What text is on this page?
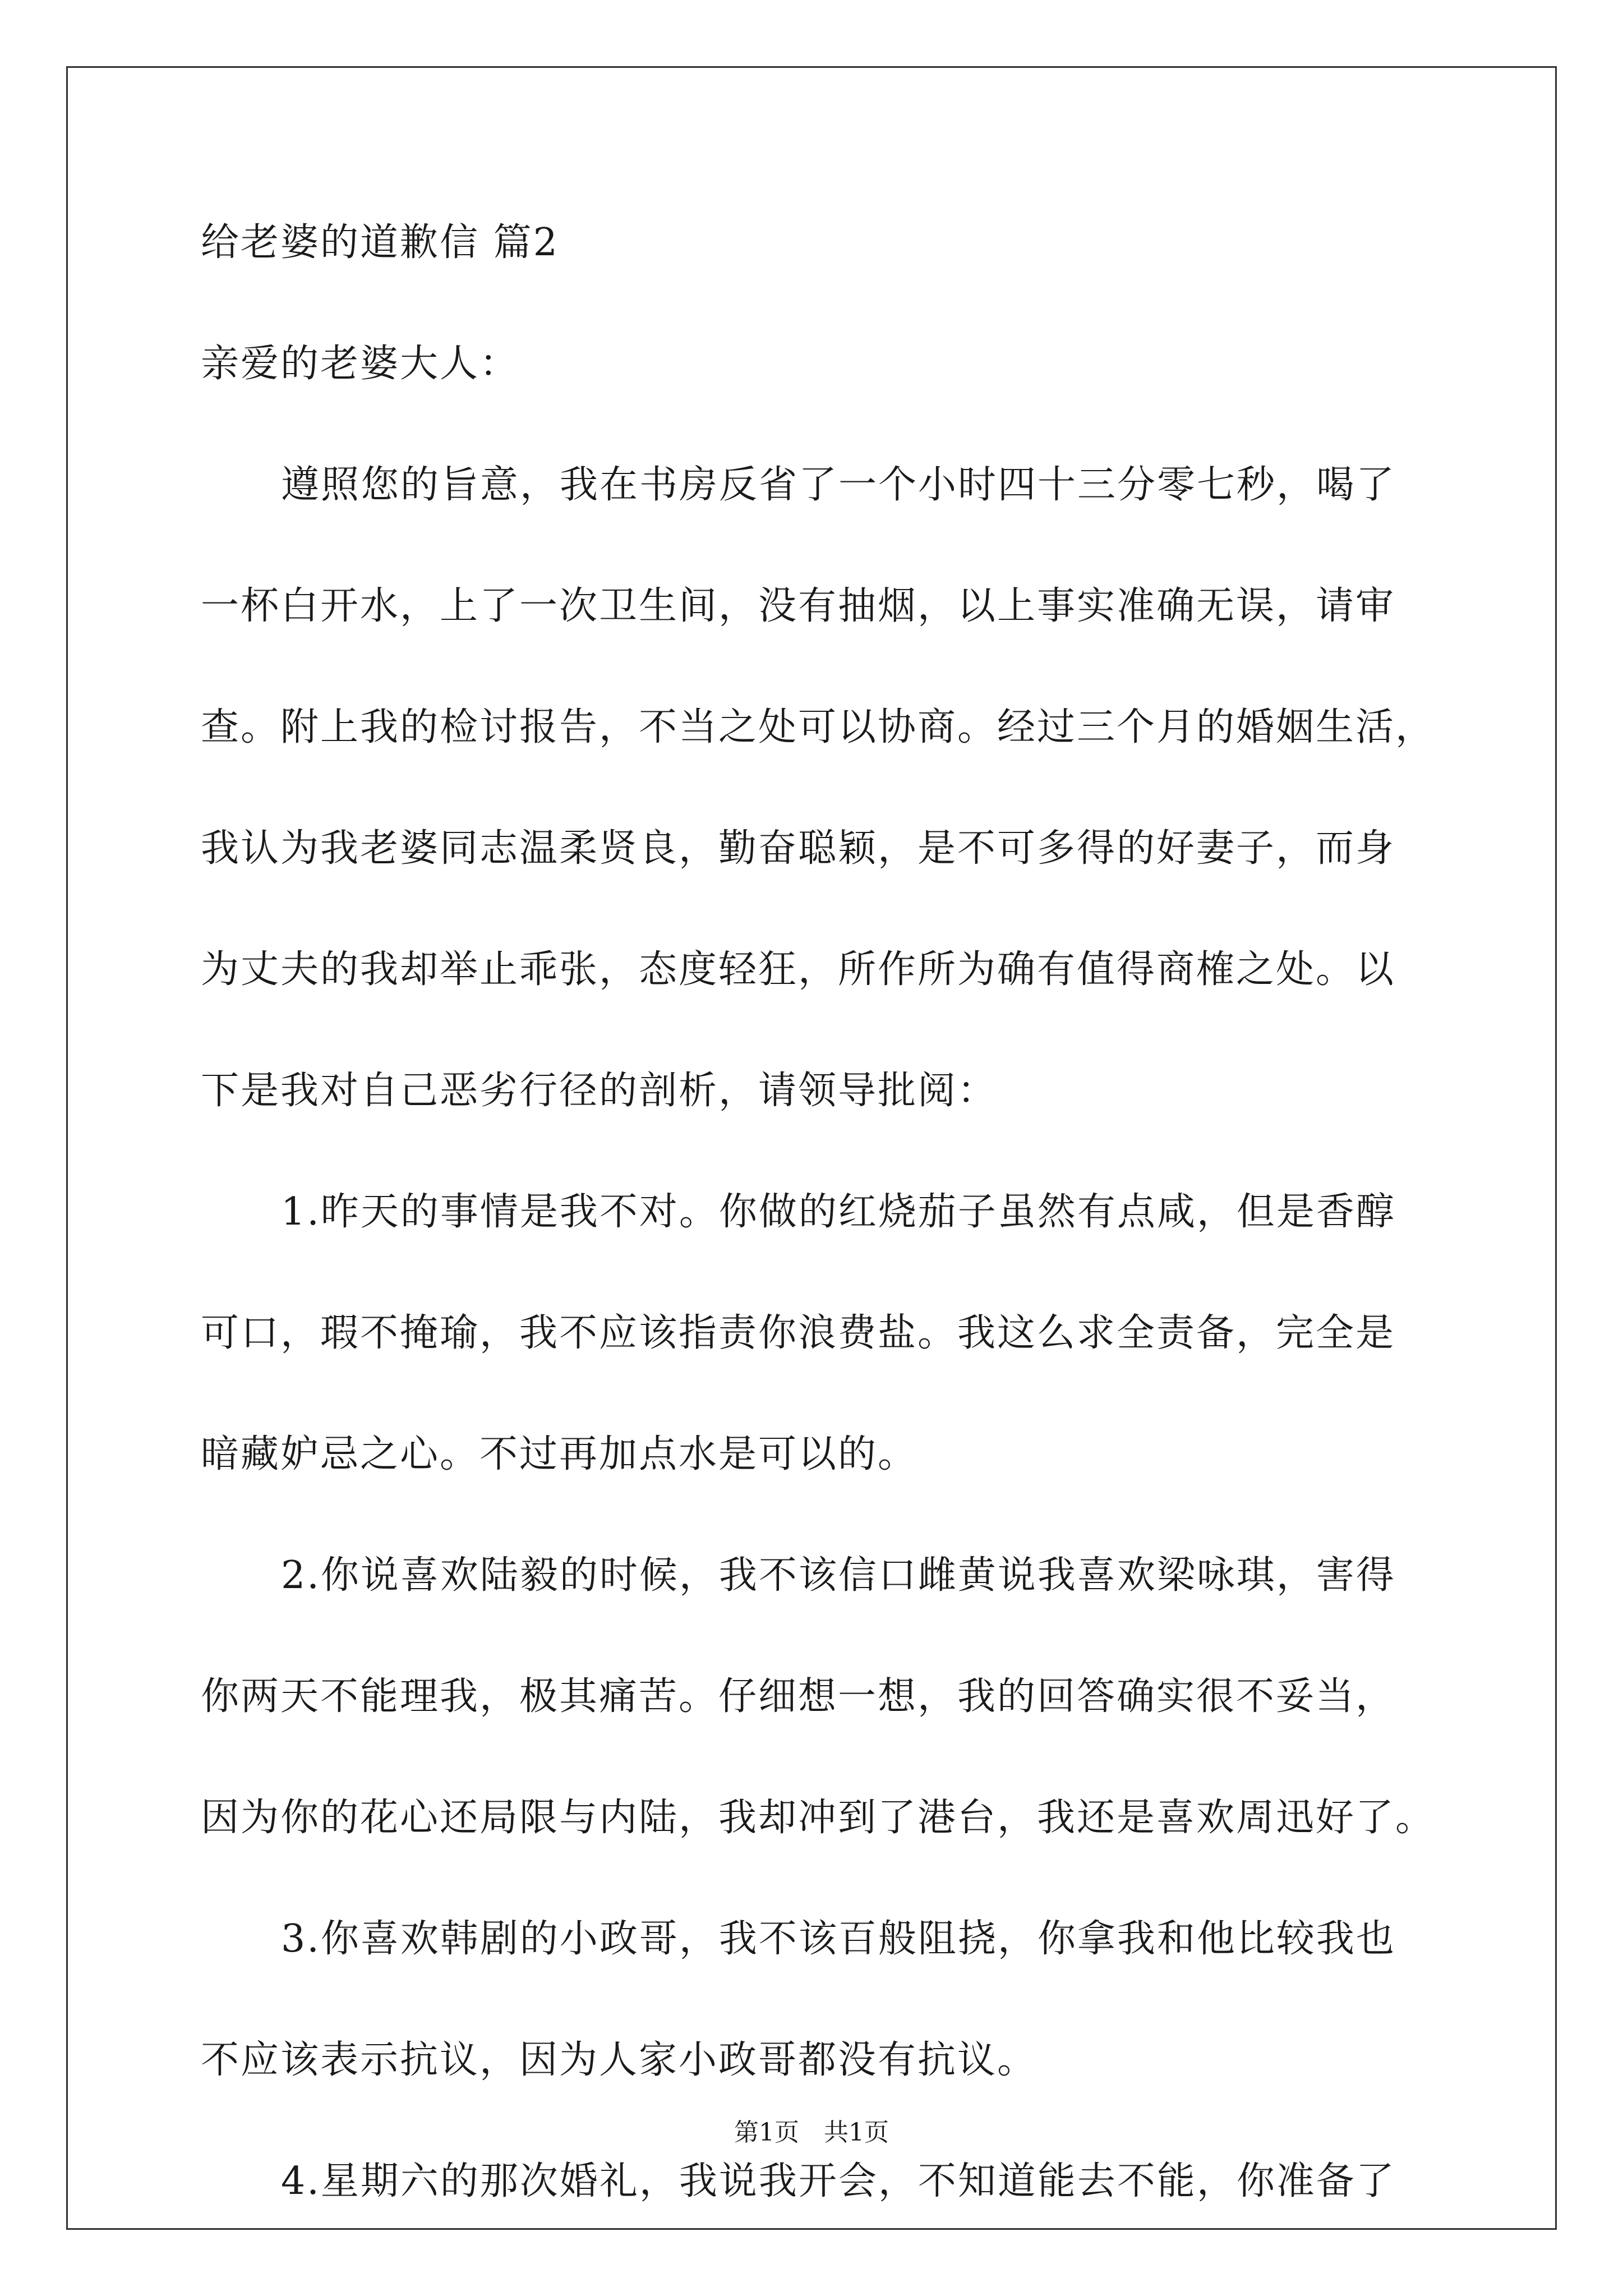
给老婆的道歉信 篇2
亲爱的老婆大人：
遵照您的旨意，我在书房反省了一个小时四十三分零七秒，喝了
一杯白开水，上了一次卫生间，没有抽烟，以上事实准确无误，请审
查。附上我的检讨报告，不当之处可以协商。经过三个月的婚姻生活，
我认为我老婆同志温柔贤良，勤奋聪颖，是不可多得的好妻子，而身
为丈夫的我却举止乖张，态度轻狂，所作所为确有值得商榷之处。以
下是我对自己恶劣行径的剖析，请领导批阅：
1.昨天的事情是我不对。你做的红烧茄子虽然有点咸，但是香醇
可口，瑕不掩瑜，我不应该指责你浪费盐。我这么求全责备，完全是
暗藏妒忌之心。不过再加点水是可以的。
2.你说喜欢陆毅的时候，我不该信口雌黄说我喜欢梁咏琪，害得
你两天不能理我，极其痛苦。仔细想一想，我的回答确实很不妥当，
因为你的花心还局限与内陆，我却冲到了港台，我还是喜欢周迅好了。
3.你喜欢韩剧的小政哥，我不该百般阻挠，你拿我和他比较我也
不应该表示抗议，因为人家小政哥都没有抗议。
4.星期六的那次婚礼，我说我开会，不知道能去不能，你准备了
第1页　共1页
